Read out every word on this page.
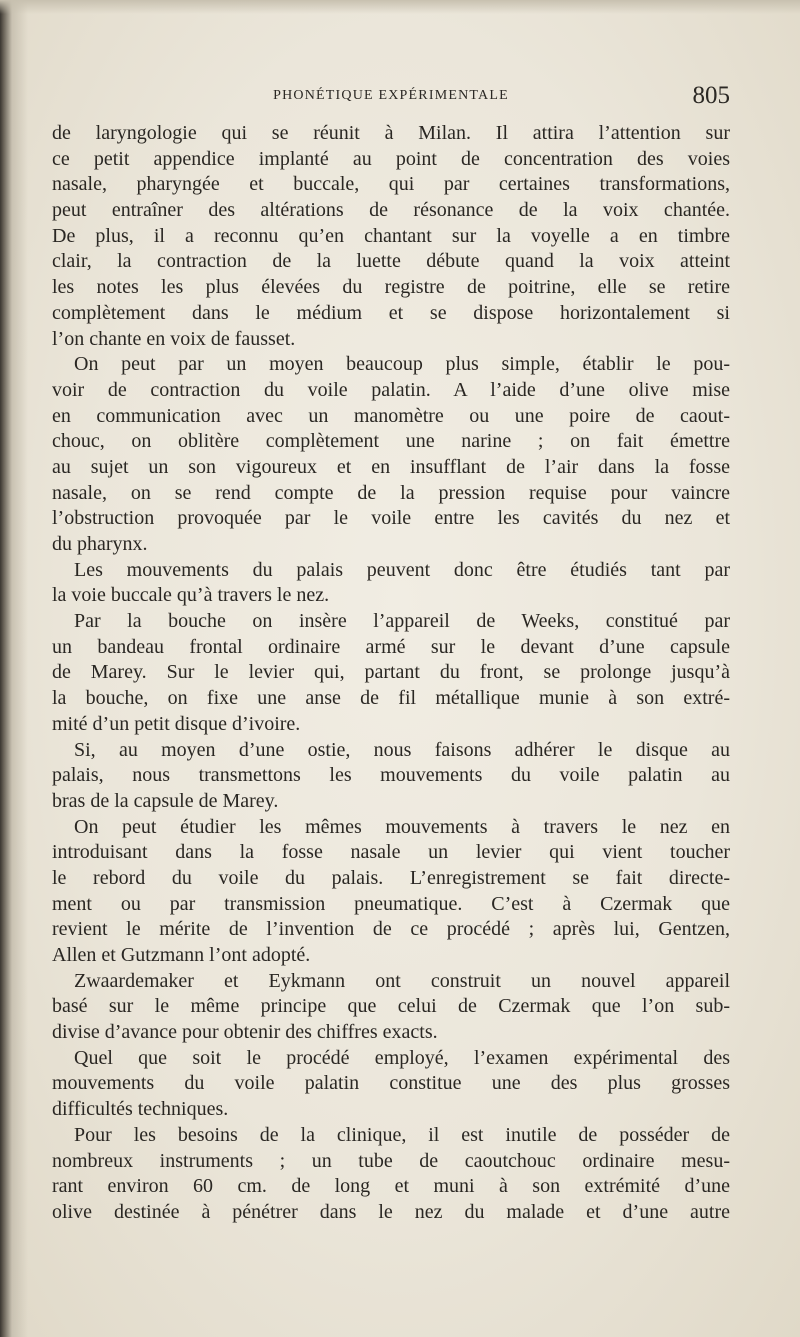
PHONÉTIQUE EXPÉRIMENTALE	805
de laryngologie qui se réunit à Milan. Il attira l’attention sur
ce petit appendice implanté au point de concentration des voies
nasale, pharyngée et buccale, qui par certaines transformations,
peut entraîner des altérations de résonance de la voix chantée.
De plus, il a reconnu qu’en chantant sur la voyelle a en timbre
clair, la contraction de la luette débute quand la voix atteint
les notes les plus élevées du registre de poitrine, elle se retire
complètement dans le médium et se dispose horizontalement si
l’on chante en voix de fausset.
On peut par un moyen beaucoup plus simple, établir le pou-
voir de contraction du voile palatin. A l’aide d’une olive mise
en communication avec un manomètre ou une poire de caout-
chouc, on oblitère complètement une narine ; on fait émettre
au sujet un son vigoureux et en insufflant de l’air dans la fosse
nasale, on se rend compte de la pression requise pour vaincre
l’obstruction provoquée par le voile entre les cavités du nez et
du pharynx.
Les mouvements du palais peuvent donc être étudiés tant par
la voie buccale qu’à travers le nez.
Par la bouche on insère l’appareil de Weeks, constitué par
un bandeau frontal ordinaire armé sur le devant d’une capsule
de Marey. Sur le levier qui, partant du front, se prolonge jusqu’à
la bouche, on fixe une anse de fil métallique munie à son extré-
mité d’un petit disque d’ivoire.
Si, au moyen d’une ostie, nous faisons adhérer le disque au
palais, nous transmettons les mouvements du voile palatin au
bras de la capsule de Marey.
On peut étudier les mêmes mouvements à travers le nez en
introduisant dans la fosse nasale un levier qui vient toucher
le rebord du voile du palais. L’enregistrement se fait directe-
ment ou par transmission pneumatique. C’est à Czermak que
revient le mérite de l’invention de ce procédé ; après lui, Gentzen,
Allen et Gutzmann l’ont adopté.
Zwaardemaker et Eykmann ont construit un nouvel appareil
basé sur le même principe que celui de Czermak que l’on sub-
divise d’avance pour obtenir des chiffres exacts.
Quel que soit le procédé employé, l’examen expérimental des
mouvements du voile palatin constitue une des plus grosses
difficultés techniques.
Pour les besoins de la clinique, il est inutile de posséder de
nombreux instruments ; un tube de caoutchouc ordinaire mesu-
rant environ 60 cm. de long et muni à son extrémité d’une
olive destinée à pénétrer dans le nez du malade et d’une autre
